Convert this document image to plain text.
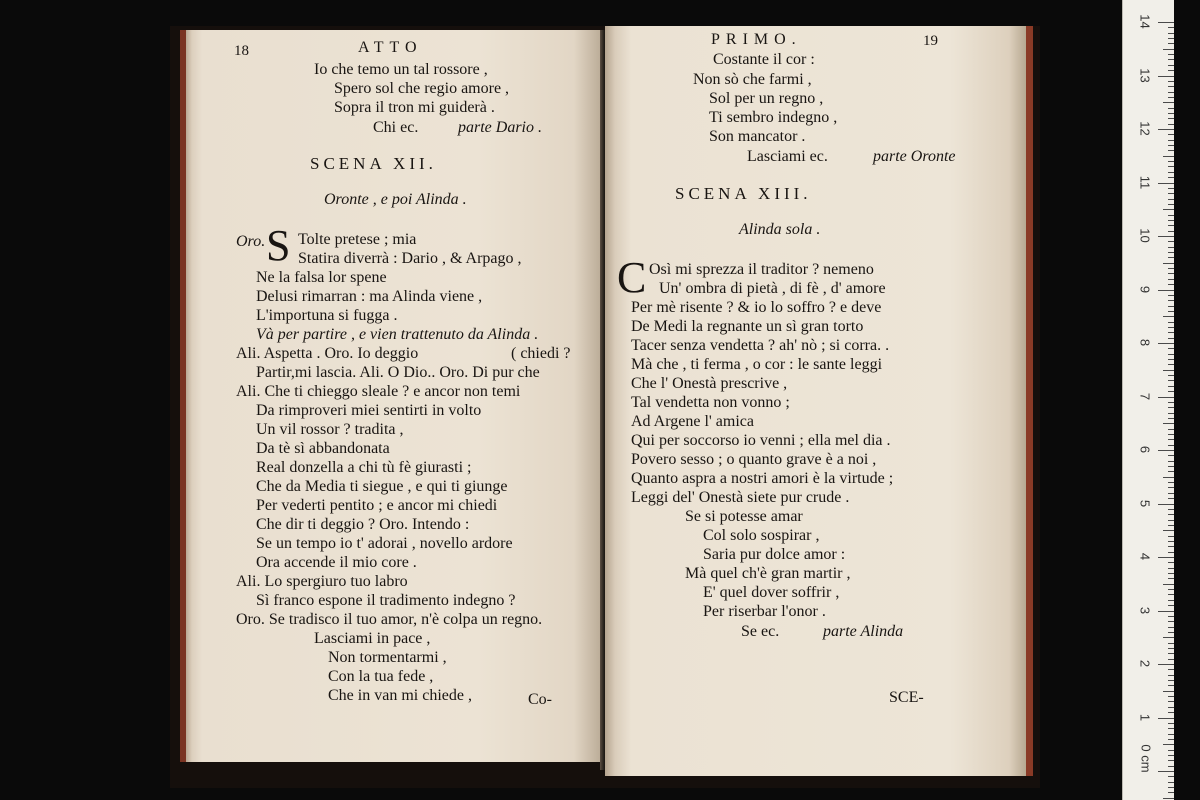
18	ATTO
Io che temo un tal rossore ,
Spero sol che regio amore ,
Sopra il tron mi guiderà .
Chi ec. parte Dario .
SCENA XII.
Oronte , e poi Alinda .
Oro. S Tolte pretese ; mia
Statira diverrà : Dario , & Arpago ,
Ne la falsa lor spene
Delusi rimarran : ma Alinda viene ,
L'importuna si fugga .
Và per partire , e vien trattenuto da Alinda .
Ali. Aspetta . Oro. Io deggio	( chiedi ?
Partir,mi lascia. Ali. O Dio.. Oro. Di pur che
Ali. Che ti chieggo sleale ? e ancor non temi
Da rimproveri miei sentirti in volto
Un vil rossor ? tradita ,
Da tè sì abbandonata
Real donzella a chi tù fè giurasti ;
Che da Media ti siegue , e qui ti giunge
Per vederti pentito ; e ancor mi chiedi
Che dir ti deggio ? Oro. Intendo :
Se un tempo io t' adorai , novello ardore
Ora accende il mio core .
Ali. Lo spergiuro tuo labro
Sì franco espone il tradimento indegno ?
Oro. Se tradisco il tuo amor, n'è colpa un regno.
Lasciami in pace ,
Non tormentarmi ,
Con la tua fede ,
Che in van mi chiede ,	Co-
PRIMO.	19
Costante il cor :
Non sò che farmi ,
Sol per un regno ,
Ti sembro indegno ,
Son mancator .
Lasciami ec.	parte Oronte
SCENA XIII.
Alinda sola .
C Osì mi sprezza il traditor ? nemeno
Un' ombra di pietà , di fè , d' amore
Per mè risente ? & io lo soffro ? e deve
De Medi la regnante un sì gran torto
Tacer senza vendetta ? ah' nò ; si corra. .
Mà che , ti ferma , o cor : le sante leggi
Che l' Onestà prescrive ,
Tal vendetta non vonno ;
Ad Argene l' amica
Qui per soccorso io venni ; ella mel dia .
Povero sesso ; o quanto grave è a noi ,
Quanto aspra a nostri amori è la virtude ;
Leggi del' Onestà siete pur crude .
Se si potesse amar
Col solo sospirar ,
Saria pur dolce amor :
Mà quel ch'è gran martir ,
E' quel dover soffrir ,
Per riserbar l'onor .
Se ec.	parte Alinda
SCE-
14
13
12
11
10
9
8
7
6
5
4
3
2
1
0 cm
